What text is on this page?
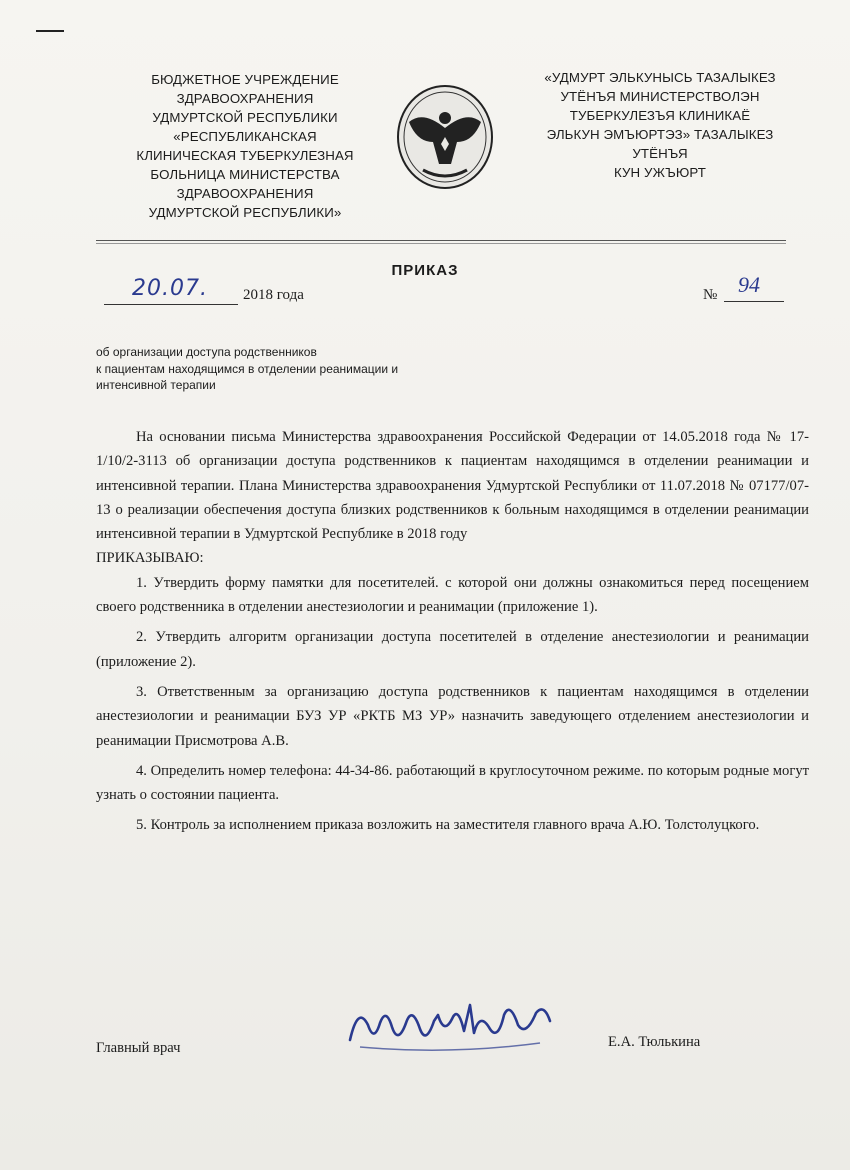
БЮДЖЕТНОЕ УЧРЕЖДЕНИЕ
ЗДРАВООХРАНЕНИЯ
УДМУРТСКОЙ РЕСПУБЛИКИ
«РЕСПУБЛИКАНСКАЯ
КЛИНИЧЕСКАЯ ТУБЕРКУЛЕЗНАЯ
БОЛЬНИЦА МИНИСТЕРСТВА
ЗДРАВООХРАНЕНИЯ
УДМУРТСКОЙ РЕСПУБЛИКИ»
«УДМУРТ ЭЛЬКУНЫСЬ ТАЗАЛЫКЕЗ
УТЁНЪЯ МИНИСТЕРСТВОЛЭН
ТУБЕРКУЛЕЗЪЯ КЛИНИКАЁ
ЭЛЬКУН ЭМЪЮРТЭЗ» ТАЗАЛЫКЕЗ
УТЁНЪЯ
КУН УЖЪЮРТ
ПРИКАЗ
20.07. 2018 года	№ 94
об организации доступа родственников
к пациентам находящимся в отделении реанимации и
интенсивной терапии

На основании письма Министерства здравоохранения Российской Федерации от 14.05.2018 года № 17-1/10/2-3113 об организации доступа родственников к пациентам находящимся в отделении реанимации и интенсивной терапии. Плана Министерства здравоохранения Удмуртской Республики от 11.07.2018 № 07177/07-13 о реализации обеспечения доступа близких родственников к больным находящимся в отделении реанимации интенсивной терапии в Удмуртской Республике в 2018 году

ПРИКАЗЫВАЮ:

1. Утвердить форму памятки для посетителей. с которой они должны ознакомиться перед посещением своего родственника в отделении анестезиологии и реанимации (приложение 1).

2. Утвердить алгоритм организации доступа посетителей в отделение анестезиологии и реанимации (приложение 2).

3. Ответственным за организацию доступа родственников к пациентам находящимся в отделении анестезиологии и реанимации БУЗ УР «РКТБ МЗ УР» назначить заведующего отделением анестезиологии и реанимации Присмотрова А.В.

4. Определить номер телефона: 44-34-86. работающий в круглосуточном режиме. по которым родные могут узнать о состоянии пациента.

5. Контроль за исполнением приказа возложить на заместителя главного врача А.Ю. Толстолуцкого.

Главный врач	Е.А. Тюлькина
